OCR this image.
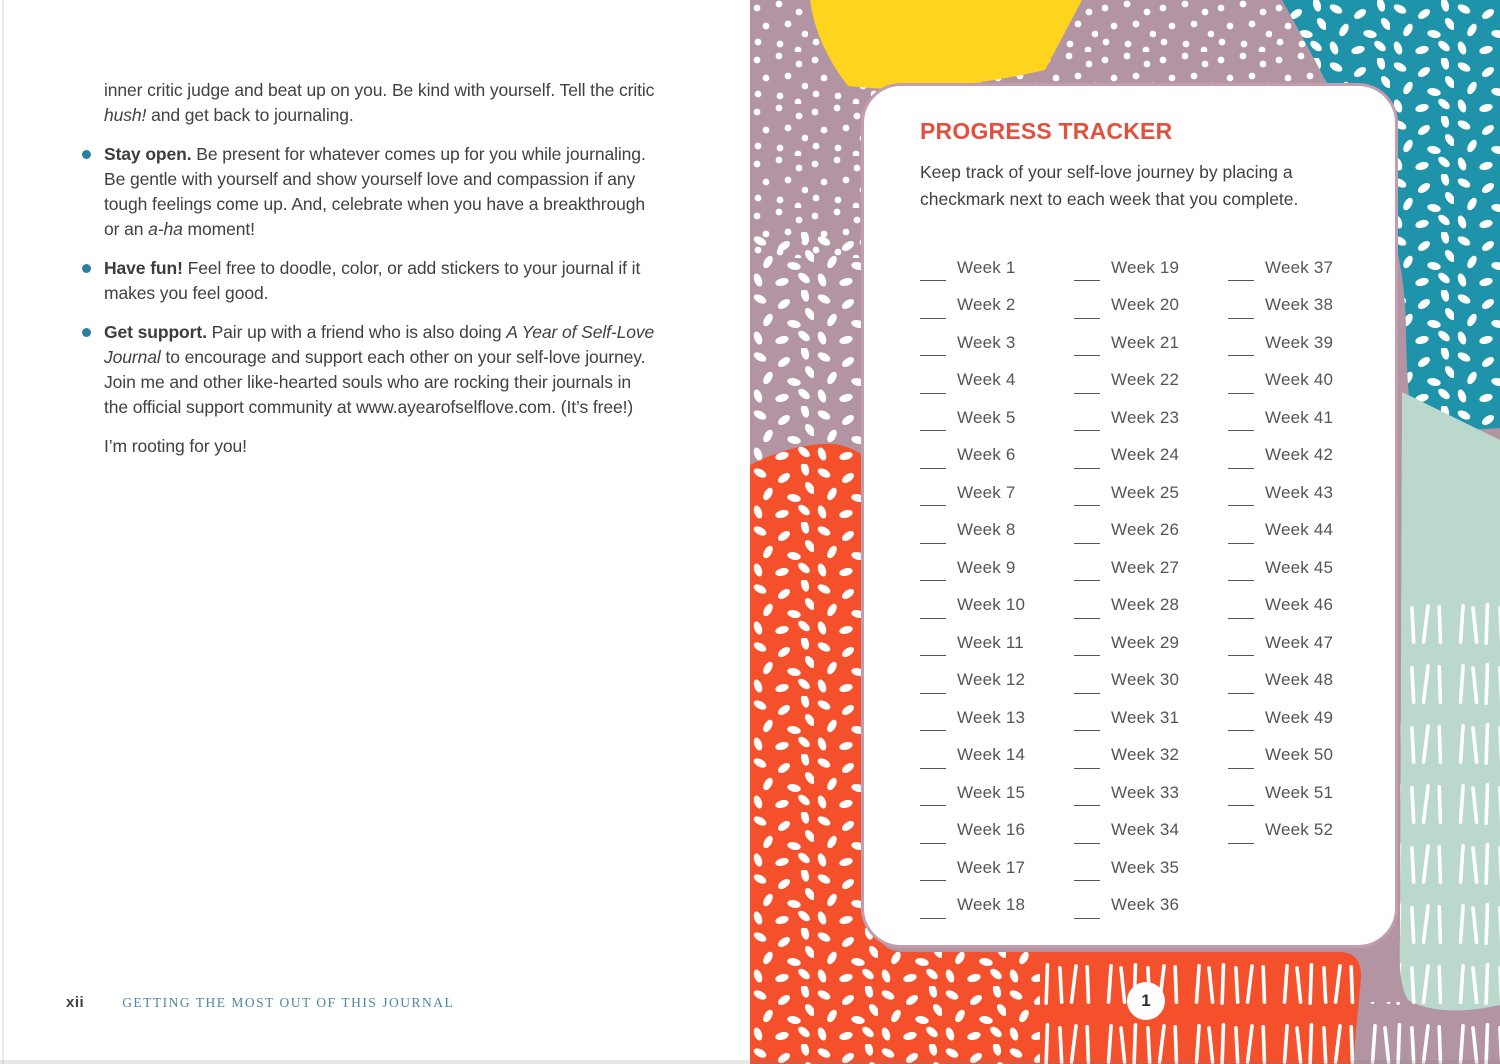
inner critic judge and beat up on you. Be kind with yourself. Tell the critic hush! and get back to journaling.

Stay open. Be present for whatever comes up for you while journaling. Be gentle with yourself and show yourself love and compassion if any tough feelings come up. And, celebrate when you have a breakthrough or an a-ha moment!
Have fun! Feel free to doodle, color, or add stickers to your journal if it makes you feel good.
Get support. Pair up with a friend who is also doing A Year of Self-Love Journal to encourage and support each other on your self-love journey. Join me and other like-hearted souls who are rocking their journals in the official support community at www.ayearofselflove.com. (It’s free!)

I’m rooting for you!

xii	GETTING THE MOST OUT OF THIS JOURNAL
PROGRESS TRACKER

Keep track of your self-love journey by placing a checkmark next to each week that you complete.

Week 1
Week 2
Week 3
Week 4
Week 5
Week 6
Week 7
Week 8
Week 9
Week 10
Week 11
Week 12
Week 13
Week 14
Week 15
Week 16
Week 17
Week 18
Week 19
Week 20
Week 21
Week 22
Week 23
Week 24
Week 25
Week 26
Week 27
Week 28
Week 29
Week 30
Week 31
Week 32
Week 33
Week 34
Week 35
Week 36
Week 37
Week 38
Week 39
Week 40
Week 41
Week 42
Week 43
Week 44
Week 45
Week 46
Week 47
Week 48
Week 49
Week 50
Week 51
Week 52
1
